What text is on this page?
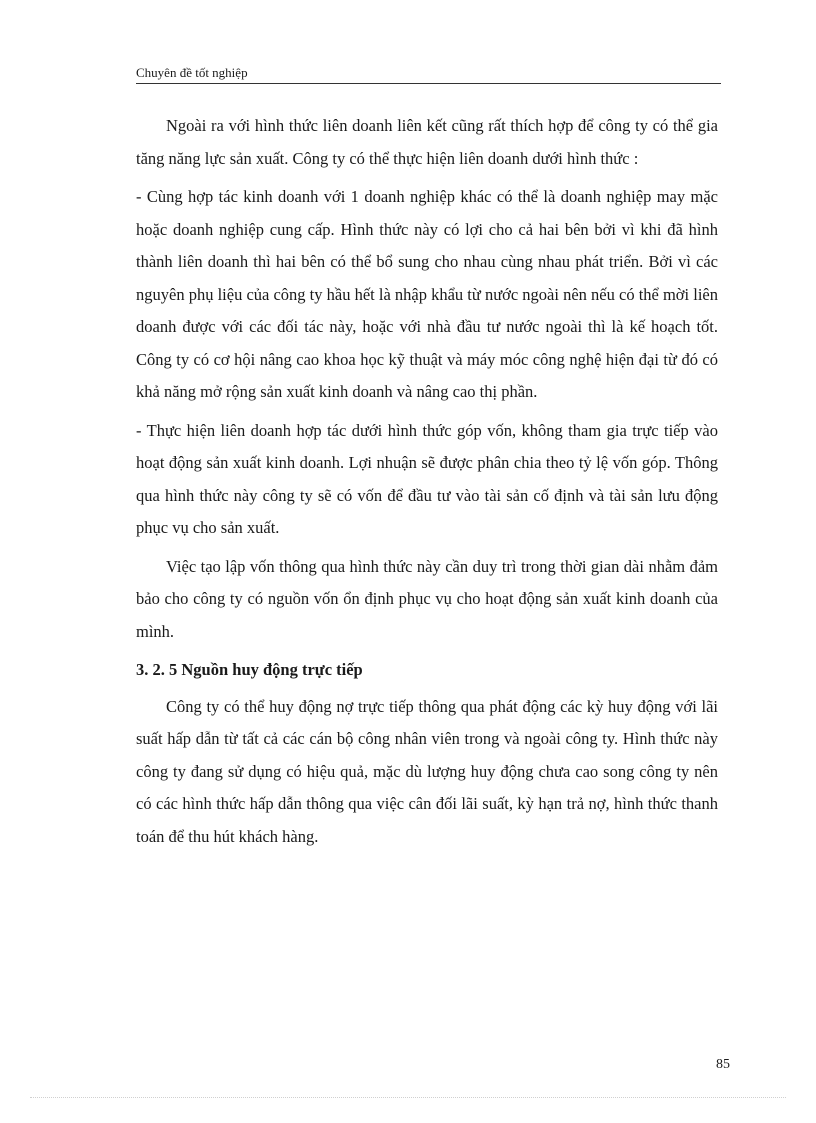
Chuyên đề tốt nghiệp

Ngoài ra với hình thức liên doanh liên kết cũng rất thích hợp để công ty có thể gia tăng năng lực sản xuất. Công ty có thể thực hiện liên doanh dưới hình thức :

- Cùng hợp tác kinh doanh với 1 doanh nghiệp khác có thể là doanh nghiệp may mặc hoặc doanh nghiệp cung cấp. Hình thức này có lợi cho cả hai bên bởi vì khi đã hình thành liên doanh thì hai bên có thể bổ sung cho nhau cùng nhau phát triển. Bởi vì các nguyên phụ liệu của công ty hầu hết là nhập khẩu từ nước ngoài nên nếu có thể mời liên doanh được với các đối tác này, hoặc với nhà đầu tư nước ngoài thì là kế hoạch tốt. Công ty có cơ hội nâng cao khoa học kỹ thuật và máy móc công nghệ hiện đại từ đó có khả năng mở rộng sản xuất kinh doanh và nâng cao thị phần.

- Thực hiện liên doanh hợp tác dưới hình thức góp vốn, không tham gia trực tiếp vào hoạt động sản xuất kinh doanh. Lợi nhuận sẽ được phân chia theo tỷ lệ vốn góp. Thông qua hình thức này công ty sẽ có vốn để đầu tư vào tài sản cố định và tài sản lưu động phục vụ cho sản xuất.

Việc tạo lập vốn thông qua hình thức này cần duy trì trong thời gian dài nhằm đảm bảo cho công ty có nguồn vốn ổn định phục vụ cho hoạt động sản xuất kinh doanh của mình.

3. 2. 5 Nguồn huy động trực tiếp

Công ty có thể huy động nợ trực tiếp thông qua phát động các kỳ huy động với lãi suất hấp dẫn từ tất cả các cán bộ công nhân viên trong và ngoài công ty. Hình thức này công ty đang sử dụng có hiệu quả, mặc dù lượng huy động chưa cao song công ty nên có các hình thức hấp dẫn thông qua việc cân đối lãi suất, kỳ hạn trả nợ, hình thức thanh toán để thu hút khách hàng.

85
